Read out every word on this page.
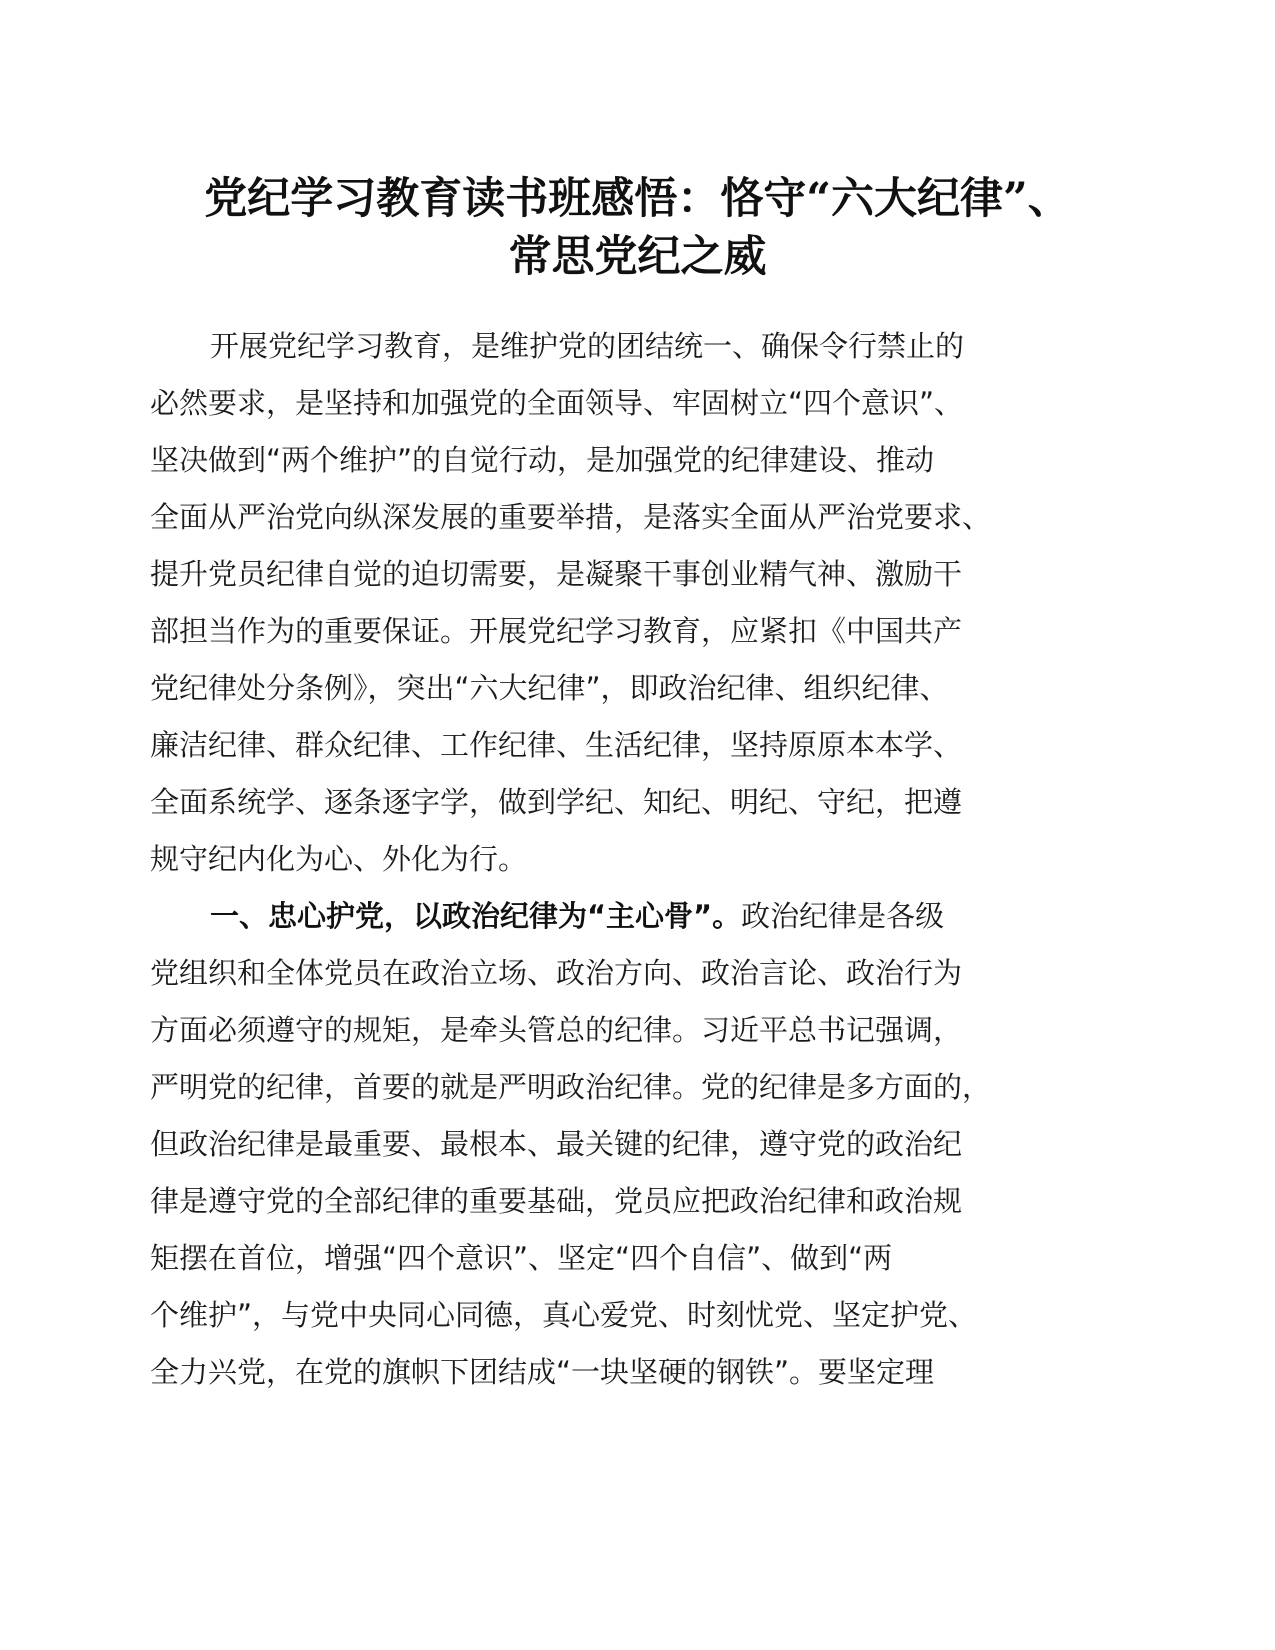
党纪学习教育读书班感悟：恪守“六大纪律”、
常思党纪之威
开展党纪学习教育，是维护党的团结统一、确保令行禁止的
必然要求，是坚持和加强党的全面领导、牢固树立“四个意识”、
坚决做到“两个维护”的自觉行动，是加强党的纪律建设、推动
全面从严治党向纵深发展的重要举措，是落实全面从严治党要求、
提升党员纪律自觉的迫切需要，是凝聚干事创业精气神、激励干
部担当作为的重要保证。开展党纪学习教育，应紧扣《中国共产
党纪律处分条例》，突出“六大纪律”，即政治纪律、组织纪律、
廉洁纪律、群众纪律、工作纪律、生活纪律，坚持原原本本学、
全面系统学、逐条逐字学，做到学纪、知纪、明纪、守纪，把遵
规守纪内化为心、外化为行。
一、忠心护党，以政治纪律为“主心骨”。政治纪律是各级
党组织和全体党员在政治立场、政治方向、政治言论、政治行为
方面必须遵守的规矩，是牵头管总的纪律。习近平总书记强调，
严明党的纪律，首要的就是严明政治纪律。党的纪律是多方面的，
但政治纪律是最重要、最根本、最关键的纪律，遵守党的政治纪
律是遵守党的全部纪律的重要基础，党员应把政治纪律和政治规
矩摆在首位，增强“四个意识”、坚定“四个自信”、做到“两
个维护”，与党中央同心同德，真心爱党、时刻忧党、坚定护党、
全力兴党，在党的旗帜下团结成“一块坚硬的钢铁”。要坚定理
